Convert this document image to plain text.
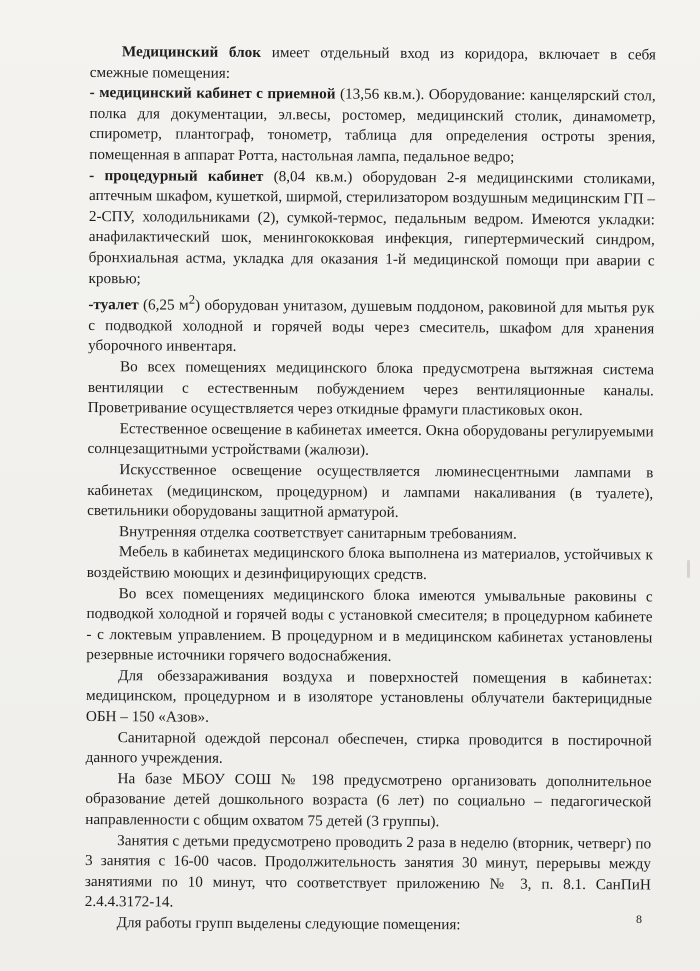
Медицинский блок имеет отдельный вход из коридора, включает в себя смежные помещения:

- медицинский кабинет с приемной (13,56 кв.м.). Оборудование: канцелярский стол, полка для документации, эл.весы, ростомер, медицинский столик, динамометр, спирометр, плантограф, тонометр, таблица для определения остроты зрения, помещенная в аппарат Ротта, настольная лампа, педальное ведро;

- процедурный кабинет (8,04 кв.м.) оборудован 2-я медицинскими столиками, аптечным шкафом, кушеткой, ширмой, стерилизатором воздушным медицинским ГП – 2-СПУ, холодильниками (2), сумкой-термос, педальным ведром. Имеются укладки: анафилактический шок, менингококковая инфекция, гипертермический синдром, бронхиальная астма, укладка для оказания 1-й медицинской помощи при аварии с кровью;

-туалет (6,25 $м^2$) оборудован унитазом, душевым поддоном, раковиной для мытья рук с подводкой холодной и горячей воды через смеситель, шкафом для хранения уборочного инвентаря.

Во всех помещениях медицинского блока предусмотрена вытяжная система вентиляции с естественным побуждением через вентиляционные каналы. Проветривание осуществляется через откидные фрамуги пластиковых окон.

Естественное освещение в кабинетах имеется. Окна оборудованы регулируемыми солнцезащитными устройствами (жалюзи).

Искусственное освещение осуществляется люминесцентными лампами в кабинетах (медицинском, процедурном) и лампами накаливания (в туалете), светильники оборудованы защитной арматурой.

Внутренняя отделка соответствует санитарным требованиям.

Мебель в кабинетах медицинского блока выполнена из материалов, устойчивых к воздействию моющих и дезинфицирующих средств.

Во всех помещениях медицинского блока имеются умывальные раковины с подводкой холодной и горячей воды с установкой смесителя; в процедурном кабинете - с локтевым управлением. В процедурном и в медицинском кабинетах установлены резервные источники горячего водоснабжения.

Для обеззараживания воздуха и поверхностей помещения в кабинетах: медицинском, процедурном и в изоляторе установлены облучатели бактерицидные ОБН – 150 «Азов».

Санитарной одеждой персонал обеспечен, стирка проводится в постирочной данного учреждения.

На базе МБОУ СОШ № 198 предусмотрено организовать дополнительное образование детей дошкольного возраста (6 лет) по социально – педагогической направленности с общим охватом 75 детей (3 группы).

Занятия с детьми предусмотрено проводить 2 раза в неделю (вторник, четверг) по 3 занятия с 16-00 часов. Продолжительность занятия 30 минут, перерывы между занятиями по 10 минут, что соответствует приложению № 3, п. 8.1. СанПиН 2.4.4.3172-14.

Для работы групп выделены следующие помещения:	8
